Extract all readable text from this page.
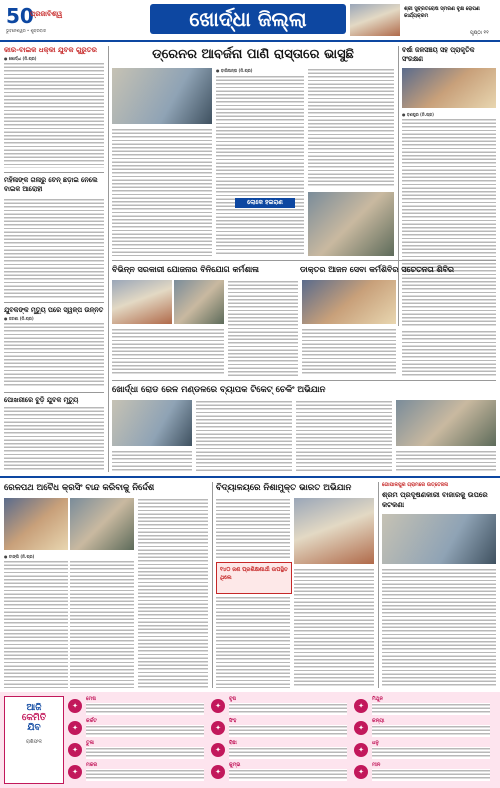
50
ପ୍ରଜାବିଶ୍ୱ
ଭୁବନେଶ୍ୱର • ଶୁକ୍ରବାର	ଖୋର୍ଦ୍ଧା ଜିଲ୍ଲା	ଶ୍ରୀ ସୁବ୍ରତରୋଷ ସ୍ମରଣ ବୃକ୍ଷ ରୋପଣ କାର୍ଯ୍ୟକ୍ରମ
ପୃଷ୍ଠା ୧୧
କାର-ବାଇକ ଧକ୍କା ଯୁବକ ଗୁରୁତର
● ଖୋର୍ଦ୍ଧା (ନି.ପ୍ର)
ମହିଳାଙ୍କ ଗଳାରୁ ଚେନ୍ ଛଡ଼ାଇ ନେଲେ ବାଇକ ଆରୋହୀ
ଯୁବକଙ୍କ ମୃତ୍ୟୁ ପରେ ସ୍ୱଳ୍ପ ଉନ୍ନତ
● ଜଟଣୀ (ନି.ପ୍ର)
ପୋଖରୀରେ ବୁଡ଼ି ଯୁବକ ମୃତ୍ୟୁ
ଡ୍ରେନର ଆବର୍ଜନା ପାଣି ରାସ୍ତାରେ ଭାସୁଛି
● ବାଲିଅନ୍ତା (ନି.ପ୍ର)
ଲୋକେ ହଇରାଣ
ବର୍ଷା ଜଳସଞ୍ଚୟ ସହ ପ୍ରାକୃତିକ ସଂରକ୍ଷଣ
● ବଣପୁର (ନି.ପ୍ର)
ବିଭିନ୍ନ ସରକାରୀ ଯୋଜନାର ବିନିଯୋଗ କର୍ମଶାଳା	ଡାକ୍ତର ଆଜନ ସେବା କର୍ମଶିବିର ସଚେତନତା ଶିବିର
ଖୋର୍ଦ୍ଧା ରୋଡ ରେଳ ମଣ୍ଡଳରେ ବ୍ୟାପକ ଟିକେଟ୍ ଚେକିଂ ଅଭିଯାନ
ରେଳପଥ ଅବୈଧ କ୍ରସିଂ ବାନ୍ଦ କରିବାକୁ ନିର୍ଦ୍ଦେଶ
● ଟାଙ୍ଗି (ନି.ପ୍ର)
ବିଦ୍ୟାଳୟରେ ନିଶାମୁକ୍ତ ଭାରତ ଅଭିଯାନ
୧୪୦ ଜଣ ପ୍ରଶିକ୍ଷଣାର୍ଥୀ ଉପସ୍ଥିତ ଥିଲେ
ଗୋପାଳପୁର ଗ୍ରାମରେ ଉତ୍ତେଜନା
ଶ୍ରମ ପ୍ରଦୂଷଣକାରୀ ବାଜାରକୁ ଉପରେ କଟକଣା
ଆଜି
କେମିତି
ଯିବ
ରାଶିଫଳ
✦
ମେଷ
✦
ବୃଷ
✦
ମିଥୁନ
✦
କର୍କଟ
✦
ସିଂହ
✦
କନ୍ୟା
✦
ତୁଳା
✦
ବିଛା
✦
ଧନୁ
✦
ମକର
✦
କୁମ୍ଭ
✦
ମୀନ
